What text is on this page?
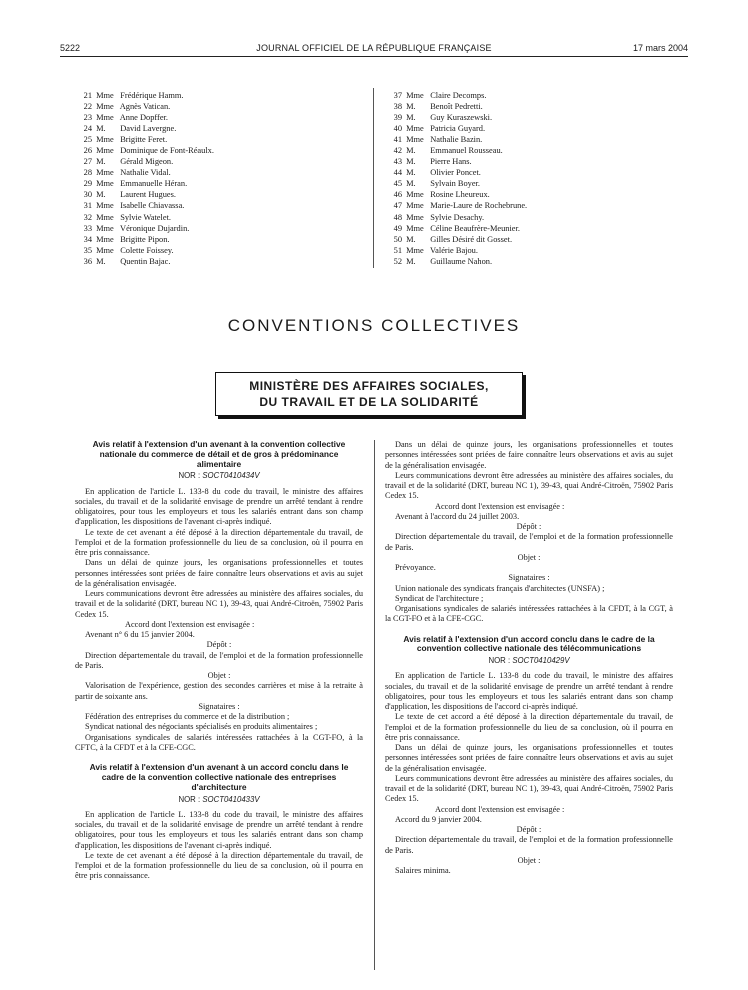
5222	JOURNAL OFFICIEL DE LA RÉPUBLIQUE FRANÇAISE	17 mars 2004
21 Mme Frédérique Hamm.
22 Mme Agnès Vatican.
23 Mme Anne Dopffer.
24 M. David Lavergne.
25 Mme Brigitte Feret.
26 Mme Dominique de Font-Réaulx.
27 M. Gérald Migeon.
28 Mme Nathalie Vidal.
29 Mme Emmanuelle Héran.
30 M. Laurent Hugues.
31 Mme Isabelle Chiavassa.
32 Mme Sylvie Watelet.
33 Mme Véronique Dujardin.
34 Mme Brigitte Pipon.
35 Mme Colette Foissey.
36 M. Quentin Bajac.
37 Mme Claire Decomps.
38 M. Benoît Pedretti.
39 M. Guy Kuraszewski.
40 Mme Patricia Guyard.
41 Mme Nathalie Bazin.
42 M. Emmanuel Rousseau.
43 M. Pierre Hans.
44 M. Olivier Poncet.
45 M. Sylvain Boyer.
46 Mme Rosine Lheureux.
47 Mme Marie-Laure de Rochebrune.
48 Mme Sylvie Desachy.
49 Mme Céline Beaufrère-Meunier.
50 M. Gilles Désiré dit Gosset.
51 Mme Valérie Bajou.
52 M. Guillaume Nahon.
CONVENTIONS COLLECTIVES
MINISTÈRE DES AFFAIRES SOCIALES,
DU TRAVAIL ET DE LA SOLIDARITÉ
Avis relatif à l'extension d'un avenant à la convention collective nationale du commerce de détail et de gros à prédominance alimentaire
NOR : SOCT0410434V

En application de l'article L. 133-8 du code du travail, le ministre des affaires sociales, du travail et de la solidarité envisage de prendre un arrêté tendant à rendre obligatoires, pour tous les employeurs et tous les salariés entrant dans son champ d'application, les dispositions de l'avenant ci-après indiqué.

Le texte de cet avenant a été déposé à la direction départementale du travail, de l'emploi et de la formation professionnelle du lieu de sa conclusion, où il pourra en être pris connaissance.

Dans un délai de quinze jours, les organisations professionnelles et toutes personnes intéressées sont priées de faire connaître leurs observations et avis au sujet de la généralisation envisagée.

Leurs communications devront être adressées au ministère des affaires sociales, du travail et de la solidarité (DRT, bureau NC 1), 39-43, quai André-Citroën, 75902 Paris Cedex 15.

Accord dont l'extension est envisagée :

Avenant n° 6 du 15 janvier 2004.

Dépôt :

Direction départementale du travail, de l'emploi et de la formation professionnelle de Paris.

Objet :

Valorisation de l'expérience, gestion des secondes carrières et mise à la retraite à partir de soixante ans.

Signataires :

Fédération des entreprises du commerce et de la distribution ;

Syndicat national des négociants spécialisés en produits alimentaires ;

Organisations syndicales de salariés intéressées rattachées à la CGT-FO, à la CFTC, à la CFDT et à la CFE-CGC.

Avis relatif à l'extension d'un avenant à un accord conclu dans le cadre de la convention collective nationale des entreprises d'architecture
NOR : SOCT0410433V

En application de l'article L. 133-8 du code du travail, le ministre des affaires sociales, du travail et de la solidarité envisage de prendre un arrêté tendant à rendre obligatoires, pour tous les employeurs et tous les salariés entrant dans son champ d'application, les dispositions de l'avenant ci-après indiqué.

Le texte de cet avenant a été déposé à la direction départementale du travail, de l'emploi et de la formation professionnelle du lieu de sa conclusion, où il pourra en être pris connaissance.

Dans un délai de quinze jours, les organisations professionnelles et toutes personnes intéressées sont priées de faire connaître leurs observations et avis au sujet de la généralisation envisagée.

Leurs communications devront être adressées au ministère des affaires sociales, du travail et de la solidarité (DRT, bureau NC 1), 39-43, quai André-Citroën, 75902 Paris Cedex 15.

Accord dont l'extension est envisagée :

Avenant à l'accord du 24 juillet 2003.

Dépôt :

Direction départementale du travail, de l'emploi et de la formation professionnelle de Paris.

Objet :

Prévoyance.

Signataires :

Union nationale des syndicats français d'architectes (UNSFA) ;

Syndicat de l'architecture ;

Organisations syndicales de salariés intéressées rattachées à la CFDT, à la CGT, à la CGT-FO et à la CFE-CGC.

Avis relatif à l'extension d'un accord conclu dans le cadre de la convention collective nationale des télécommunications
NOR : SOCT0410429V

En application de l'article L. 133-8 du code du travail, le ministre des affaires sociales, du travail et de la solidarité envisage de prendre un arrêté tendant à rendre obligatoires, pour tous les employeurs et tous les salariés entrant dans son champ d'application, les dispositions de l'accord ci-après indiqué.

Le texte de cet accord a été déposé à la direction départementale du travail, de l'emploi et de la formation professionnelle du lieu de sa conclusion, où il pourra en être pris connaissance.

Dans un délai de quinze jours, les organisations professionnelles et toutes personnes intéressées sont priées de faire connaître leurs observations et avis au sujet de la généralisation envisagée.

Leurs communications devront être adressées au ministère des affaires sociales, du travail et de la solidarité (DRT, bureau NC 1), 39-43, quai André-Citroën, 75902 Paris Cedex 15.

Accord dont l'extension est envisagée :

Accord du 9 janvier 2004.

Dépôt :

Direction départementale du travail, de l'emploi et de la formation professionnelle de Paris.

Objet :

Salaires minima.
